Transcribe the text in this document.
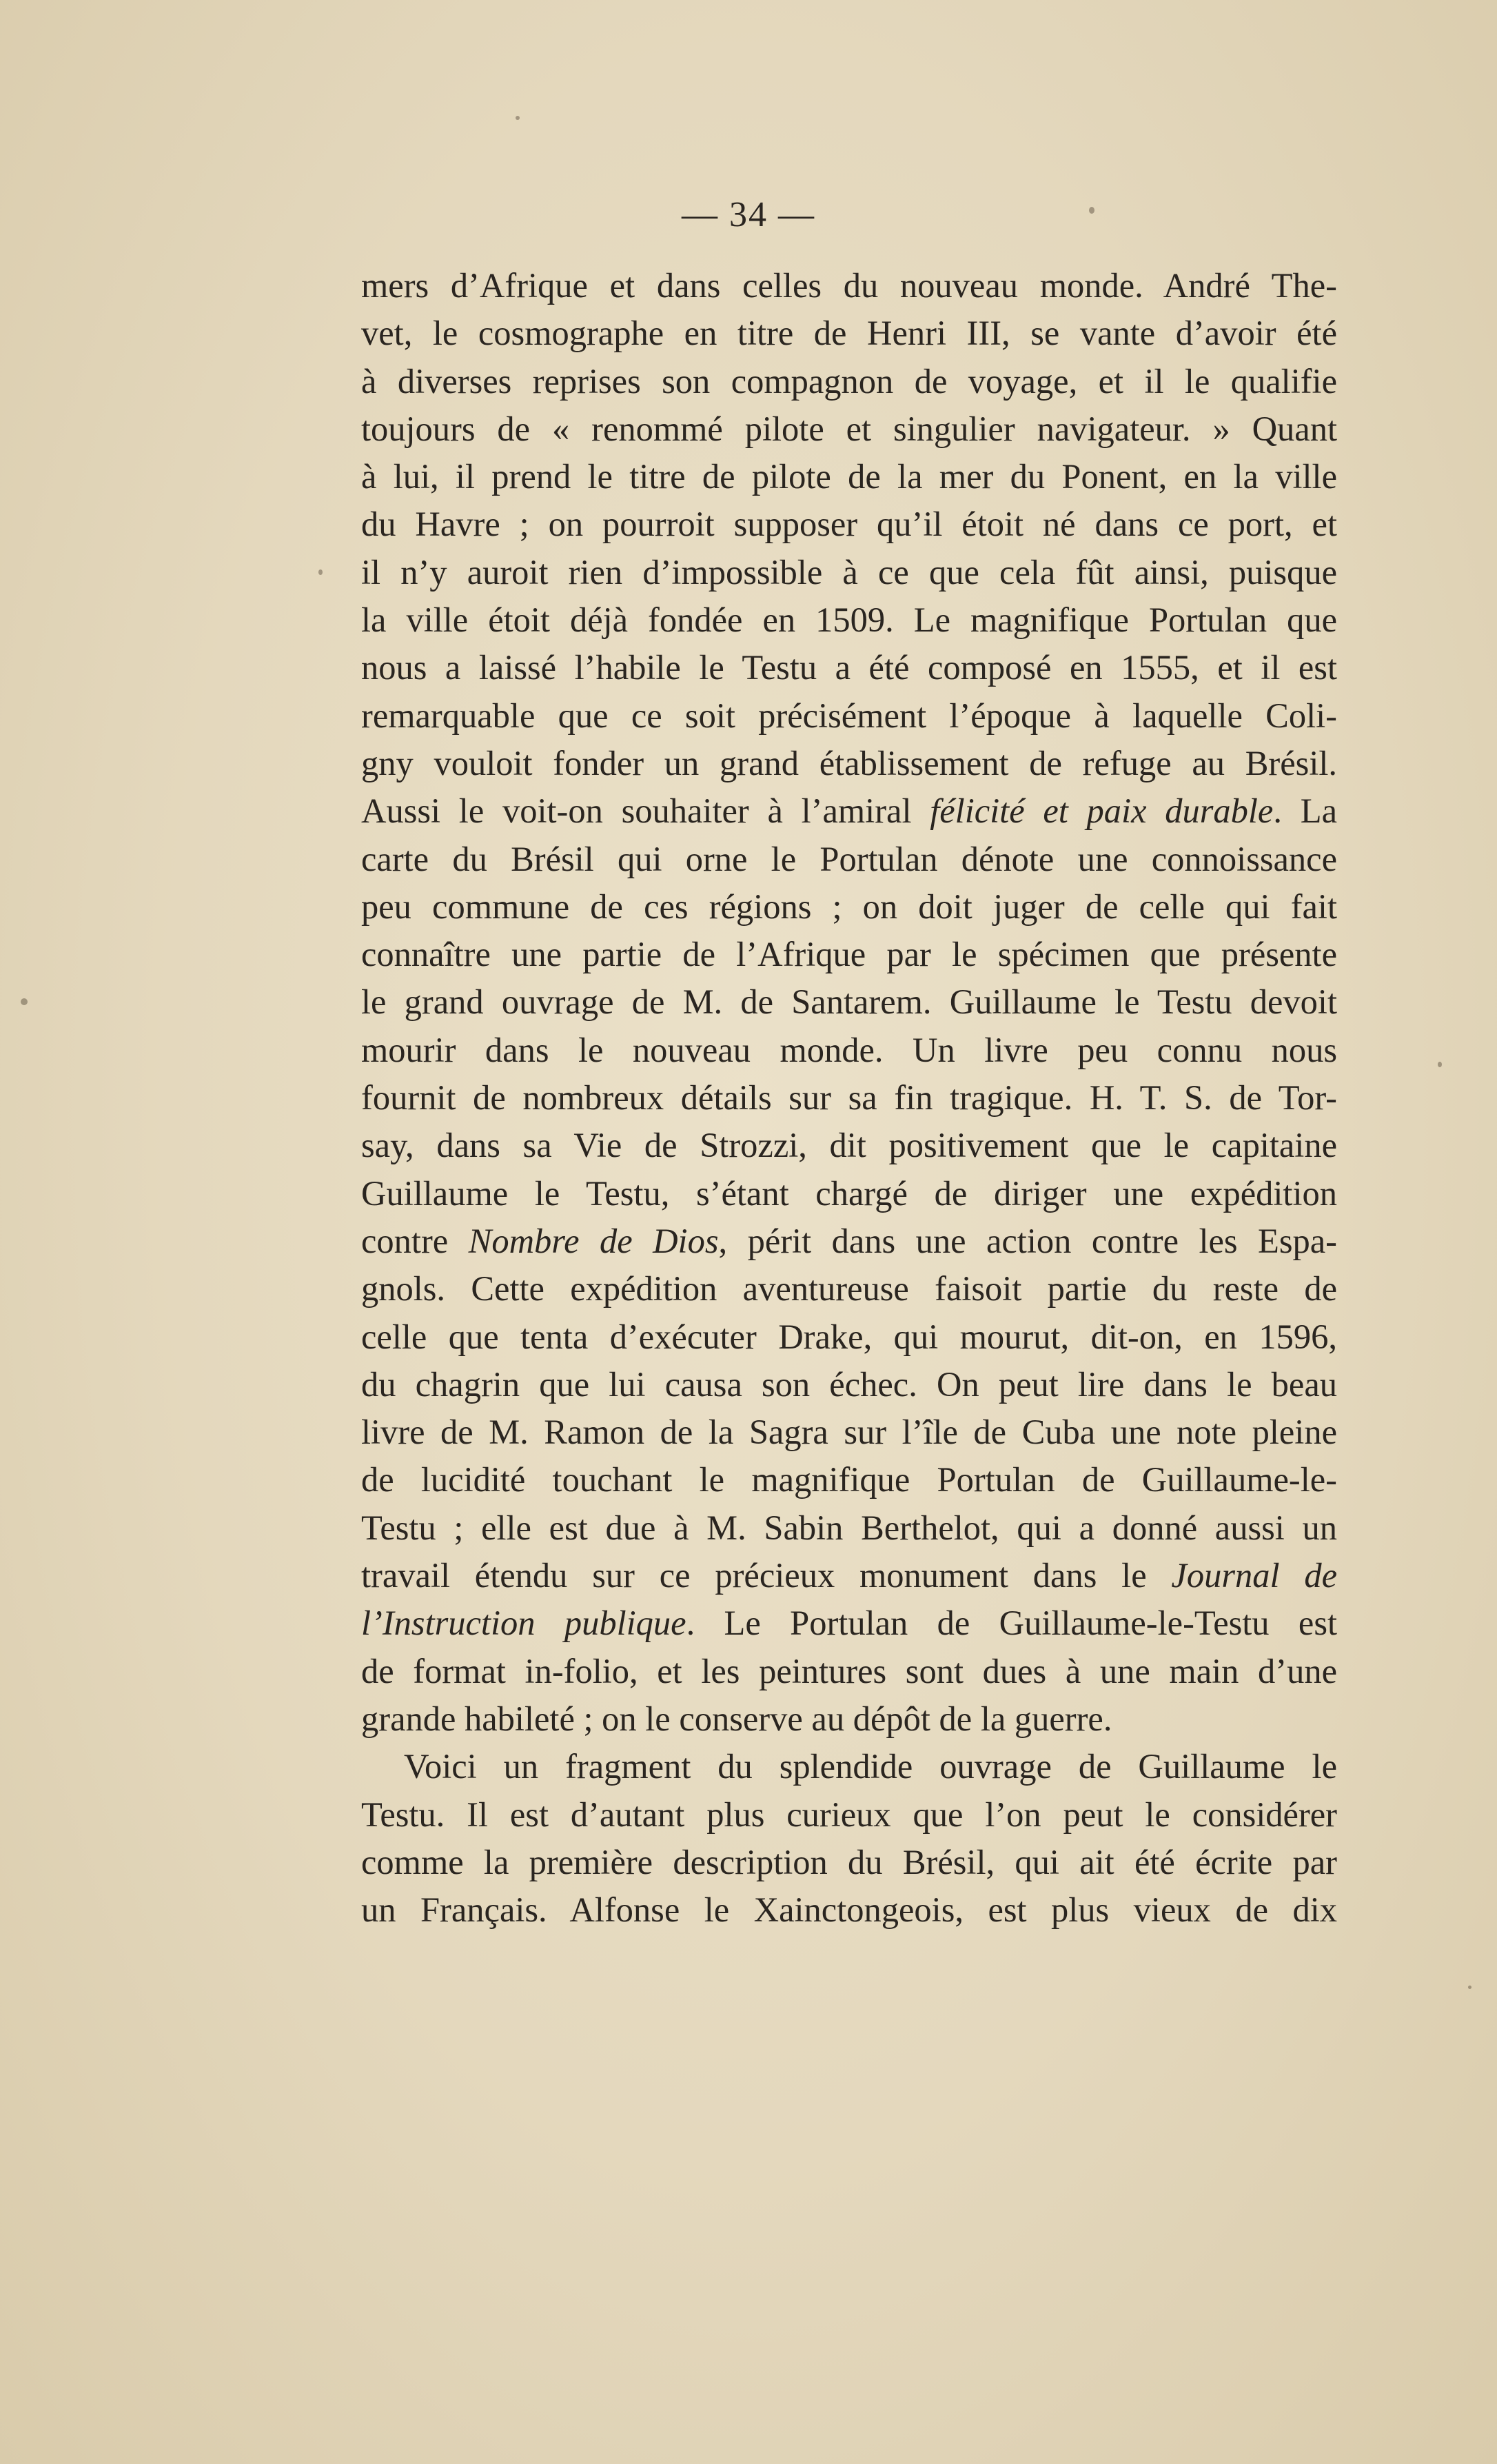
— 34 —
mers d’Afrique et dans celles du nouveau monde. André The-
vet, le cosmographe en titre de Henri III, se vante d’avoir été
à diverses reprises son compagnon de voyage, et il le qualifie
toujours de « renommé pilote et singulier navigateur. » Quant
à lui, il prend le titre de pilote de la mer du Ponent, en la ville
du Havre ; on pourroit supposer qu’il étoit né dans ce port, et
il n’y auroit rien d’impossible à ce que cela fût ainsi, puisque
la ville étoit déjà fondée en 1509. Le magnifique Portulan que
nous a laissé l’habile le Testu a été composé en 1555, et il est
remarquable que ce soit précisément l’époque à laquelle Coli-
gny vouloit fonder un grand établissement de refuge au Brésil.
Aussi le voit-on souhaiter à l’amiral félicité et paix durable. La
carte du Brésil qui orne le Portulan dénote une connoissance
peu commune de ces régions ; on doit juger de celle qui fait
connaître une partie de l’Afrique par le spécimen que présente
le grand ouvrage de M. de Santarem. Guillaume le Testu devoit
mourir dans le nouveau monde. Un livre peu connu nous
fournit de nombreux détails sur sa fin tragique. H. T. S. de Tor-
say, dans sa Vie de Strozzi, dit positivement que le capitaine
Guillaume le Testu, s’étant chargé de diriger une expédition
contre Nombre de Dios, périt dans une action contre les Espa-
gnols. Cette expédition aventureuse faisoit partie du reste de
celle que tenta d’exécuter Drake, qui mourut, dit-on, en 1596,
du chagrin que lui causa son échec. On peut lire dans le beau
livre de M. Ramon de la Sagra sur l’île de Cuba une note pleine
de lucidité touchant le magnifique Portulan de Guillaume-le-
Testu ; elle est due à M. Sabin Berthelot, qui a donné aussi un
travail étendu sur ce précieux monument dans le Journal de
l’Instruction publique. Le Portulan de Guillaume-le-Testu est
de format in-folio, et les peintures sont dues à une main d’une
grande habileté ; on le conserve au dépôt de la guerre.
Voici un fragment du splendide ouvrage de Guillaume le
Testu. Il est d’autant plus curieux que l’on peut le considérer
comme la première description du Brésil, qui ait été écrite par
un Français. Alfonse le Xainctongeois, est plus vieux de dix
